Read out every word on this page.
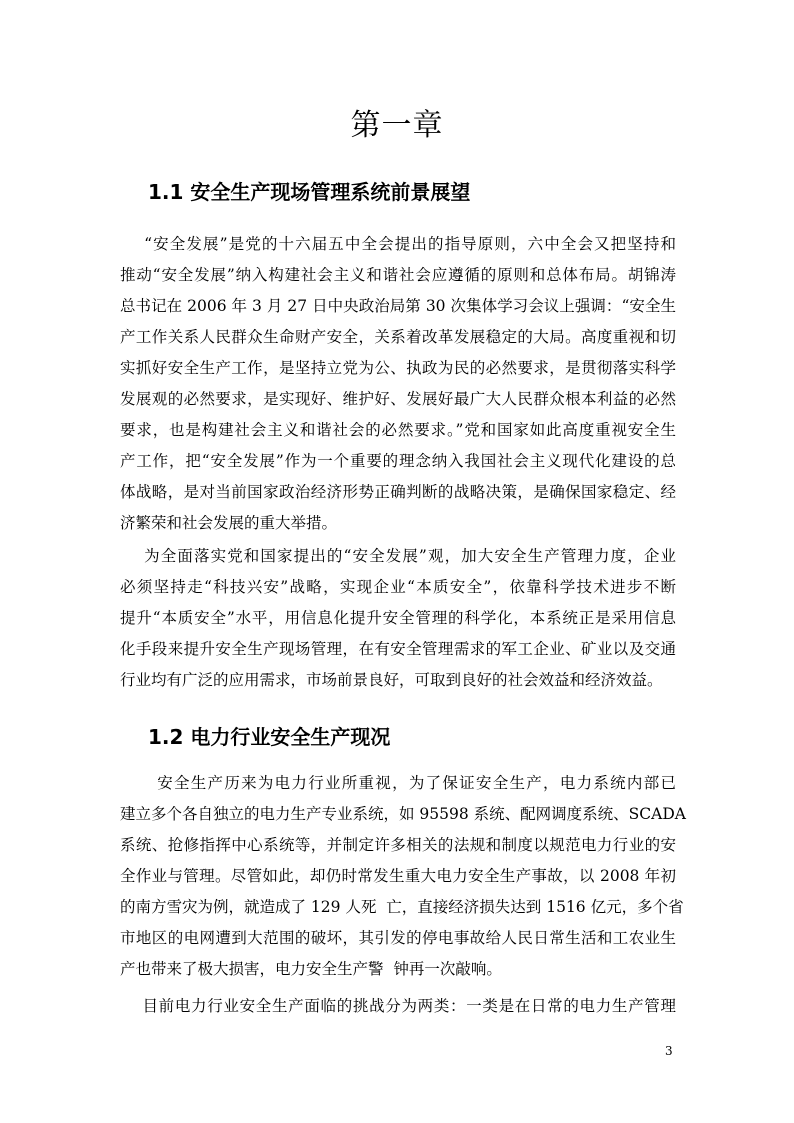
第一章
1.1 安全生产现场管理系统前景展望
“安全发展”是党的十六届五中全会提出的指导原则，六中全会又把坚持和
推动“安全发展”纳入构建社会主义和谐社会应遵循的原则和总体布局。胡锦涛
总书记在 2006 年 3 月 27 日中央政治局第 30 次集体学习会议上强调：“安全生
产工作关系人民群众生命财产安全，关系着改革发展稳定的大局。高度重视和切
实抓好安全生产工作，是坚持立党为公、执政为民的必然要求，是贯彻落实科学
发展观的必然要求，是实现好、维护好、发展好最广大人民群众根本利益的必然
要求，也是构建社会主义和谐社会的必然要求。”党和国家如此高度重视安全生
产工作，把“安全发展”作为一个重要的理念纳入我国社会主义现代化建设的总
体战略，是对当前国家政治经济形势正确判断的战略决策，是确保国家稳定、经
济繁荣和社会发展的重大举措。
为全面落实党和国家提出的“安全发展”观，加大安全生产管理力度，企业
必须坚持走“科技兴安”战略，实现企业“本质安全”，依靠科学技术进步不断
提升“本质安全”水平，用信息化提升安全管理的科学化，本系统正是采用信息
化手段来提升安全生产现场管理，在有安全管理需求的军工企业、矿业以及交通
行业均有广泛的应用需求，市场前景良好，可取到良好的社会效益和经济效益。
1.2 电力行业安全生产现况
安全生产历来为电力行业所重视，为了保证安全生产，电力系统内部已
建立多个各自独立的电力生产专业系统，如 95598 系统、配网调度系统、SCADA
系统、抢修指挥中心系统等，并制定许多相关的法规和制度以规范电力行业的安
全作业与管理。尽管如此，却仍时常发生重大电力安全生产事故，以 2008 年初
的南方雪灾为例，就造成了 129 人死  亡，直接经济损失达到 1516 亿元，多个省
市地区的电网遭到大范围的破坏，其引发的停电事故给人民日常生活和工农业生
产也带来了极大损害，电力安全生产警  钟再一次敲响。
目前电力行业安全生产面临的挑战分为两类：一类是在日常的电力生产管理
3
